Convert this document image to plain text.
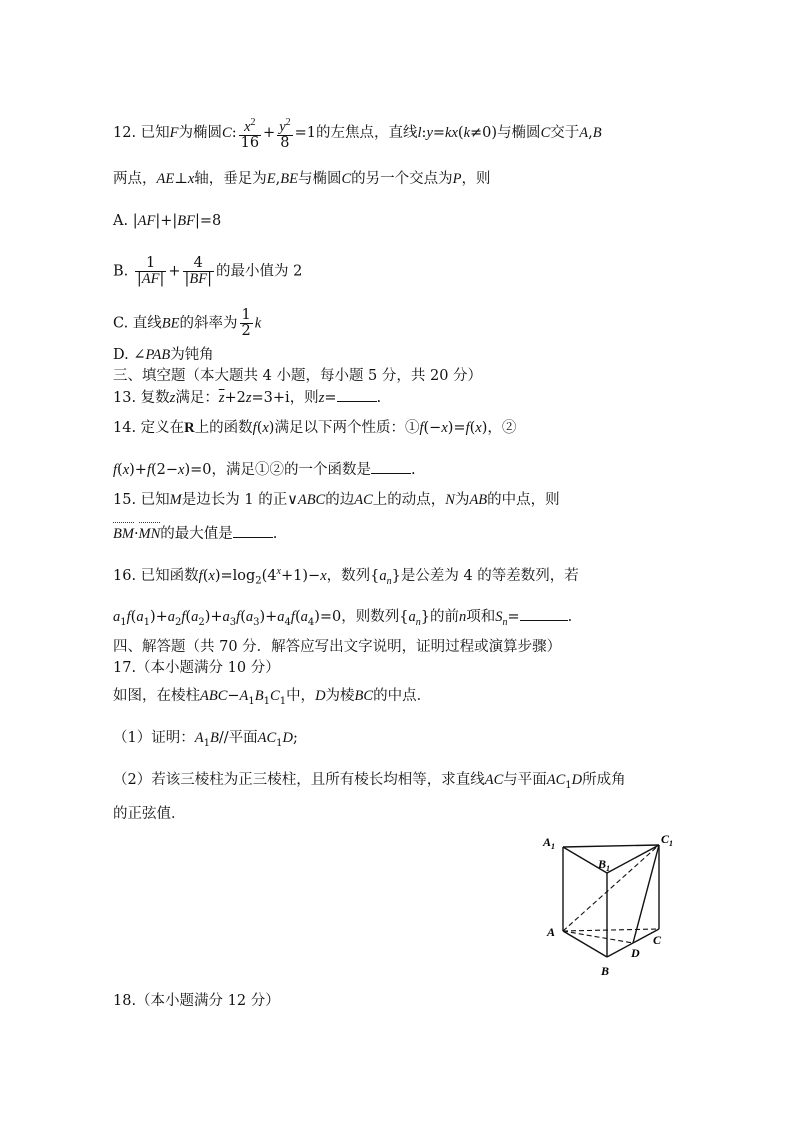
12. 已知F为椭圆C: $\frac{x^2}{16} + \frac{y^2}{8} =1$的左焦点，直线l:y=kx(k≠0)与椭圆C交于A,B
两点，AE⊥x轴，垂足为E,BE与椭圆C的另一个交点为P，则
A. |AF|+|BF|=8
B. $\frac{1}{|AF|} + \frac{4}{|BF|}$ 的最小值为 2
C. 直线BE的斜率为 $\frac{1}{2}$ k
D. ∠PAB为钝角
三、填空题（本大题共 4 小题，每小题 5 分，共 20 分）
13. 复数z满足：$\overline{z}+2z=3+i$，则z=	.
14. 定义在R上的函数f(x)满足以下两个性质：①f(−x)=f(x)，②
f(x)+f(2−x)=0，满足①②的一个函数是	.
15. 已知M是边长为 1 的正∨ABC的边AC上的动点，N为AB的中点，则
BM·MN的最大值是	.
16. 已知函数$f(x)=\log_2(4^x+1)-x$，数列$\{a_n\}$是公差为 4 的等差数列，若
$a_1f(a_1)+a_2f(a_2)+a_3f(a_3)+a_4f(a_4)=0$，则数列$\{a_n\}$的前n项和$S_n=$	.
四、解答题（共 70 分．解答应写出文字说明，证明过程或演算步骤）
17.（本小题满分 10 分）
如图，在棱柱$ABC-A_1B_1C_1$中，D为棱BC的中点．
（1）证明：$A_1B//$平面$AC_1D$;
（2）若该三棱柱为正三棱柱，且所有棱长均相等，求直线AC与平面$AC_1D$所成角
的正弦值．
$A_1$
$B_1$
$C_1$
A
B
C
D
18.（本小题满分 12 分）
